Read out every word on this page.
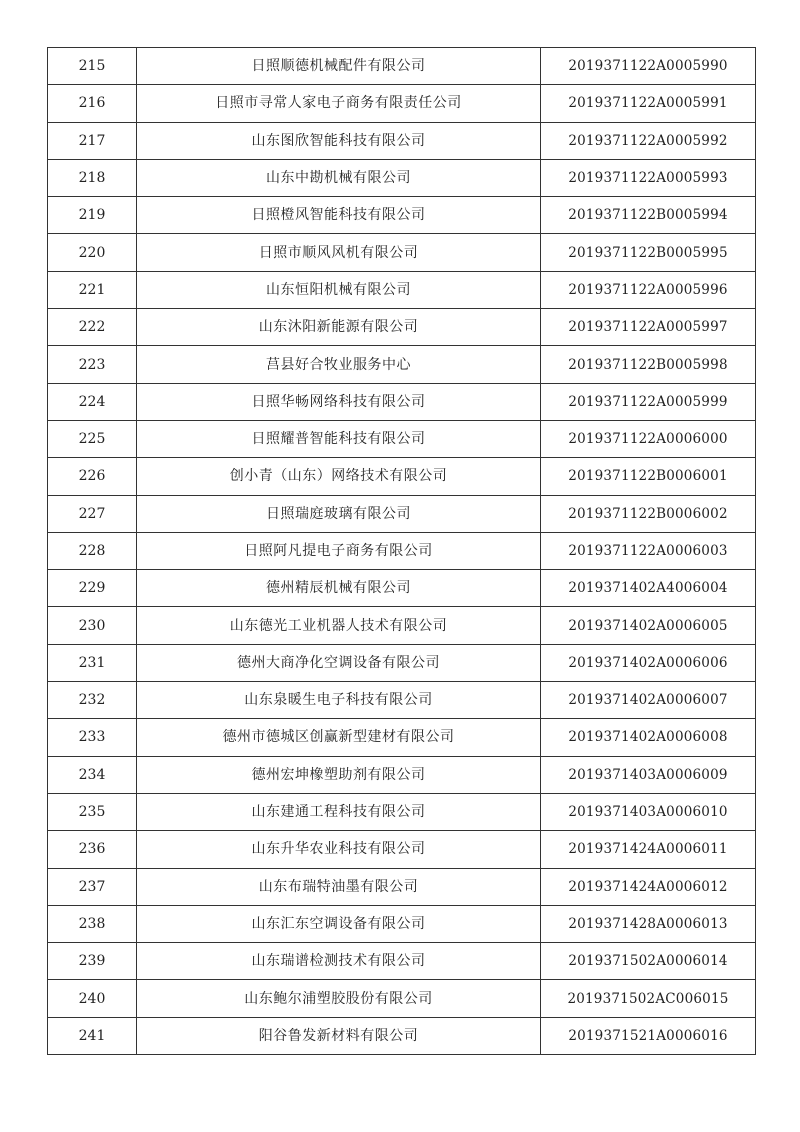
215	日照顺德机械配件有限公司	2019371122A0005990
216	日照市寻常人家电子商务有限责任公司	2019371122A0005991
217	山东图欣智能科技有限公司	2019371122A0005992
218	山东中勘机械有限公司	2019371122A0005993
219	日照橙风智能科技有限公司	2019371122B0005994
220	日照市顺风风机有限公司	2019371122B0005995
221	山东恒阳机械有限公司	2019371122A0005996
222	山东沐阳新能源有限公司	2019371122A0005997
223	莒县好合牧业服务中心	2019371122B0005998
224	日照华畅网络科技有限公司	2019371122A0005999
225	日照耀普智能科技有限公司	2019371122A0006000
226	创小青（山东）网络技术有限公司	2019371122B0006001
227	日照瑞庭玻璃有限公司	2019371122B0006002
228	日照阿凡提电子商务有限公司	2019371122A0006003
229	德州精辰机械有限公司	2019371402A4006004
230	山东德光工业机器人技术有限公司	2019371402A0006005
231	德州大商净化空调设备有限公司	2019371402A0006006
232	山东泉暖生电子科技有限公司	2019371402A0006007
233	德州市德城区创赢新型建材有限公司	2019371402A0006008
234	德州宏坤橡塑助剂有限公司	2019371403A0006009
235	山东建通工程科技有限公司	2019371403A0006010
236	山东升华农业科技有限公司	2019371424A0006011
237	山东布瑞特油墨有限公司	2019371424A0006012
238	山东汇东空调设备有限公司	2019371428A0006013
239	山东瑞谱检测技术有限公司	2019371502A0006014
240	山东鲍尔浦塑胶股份有限公司	2019371502AC006015
241	阳谷鲁发新材料有限公司	2019371521A0006016
